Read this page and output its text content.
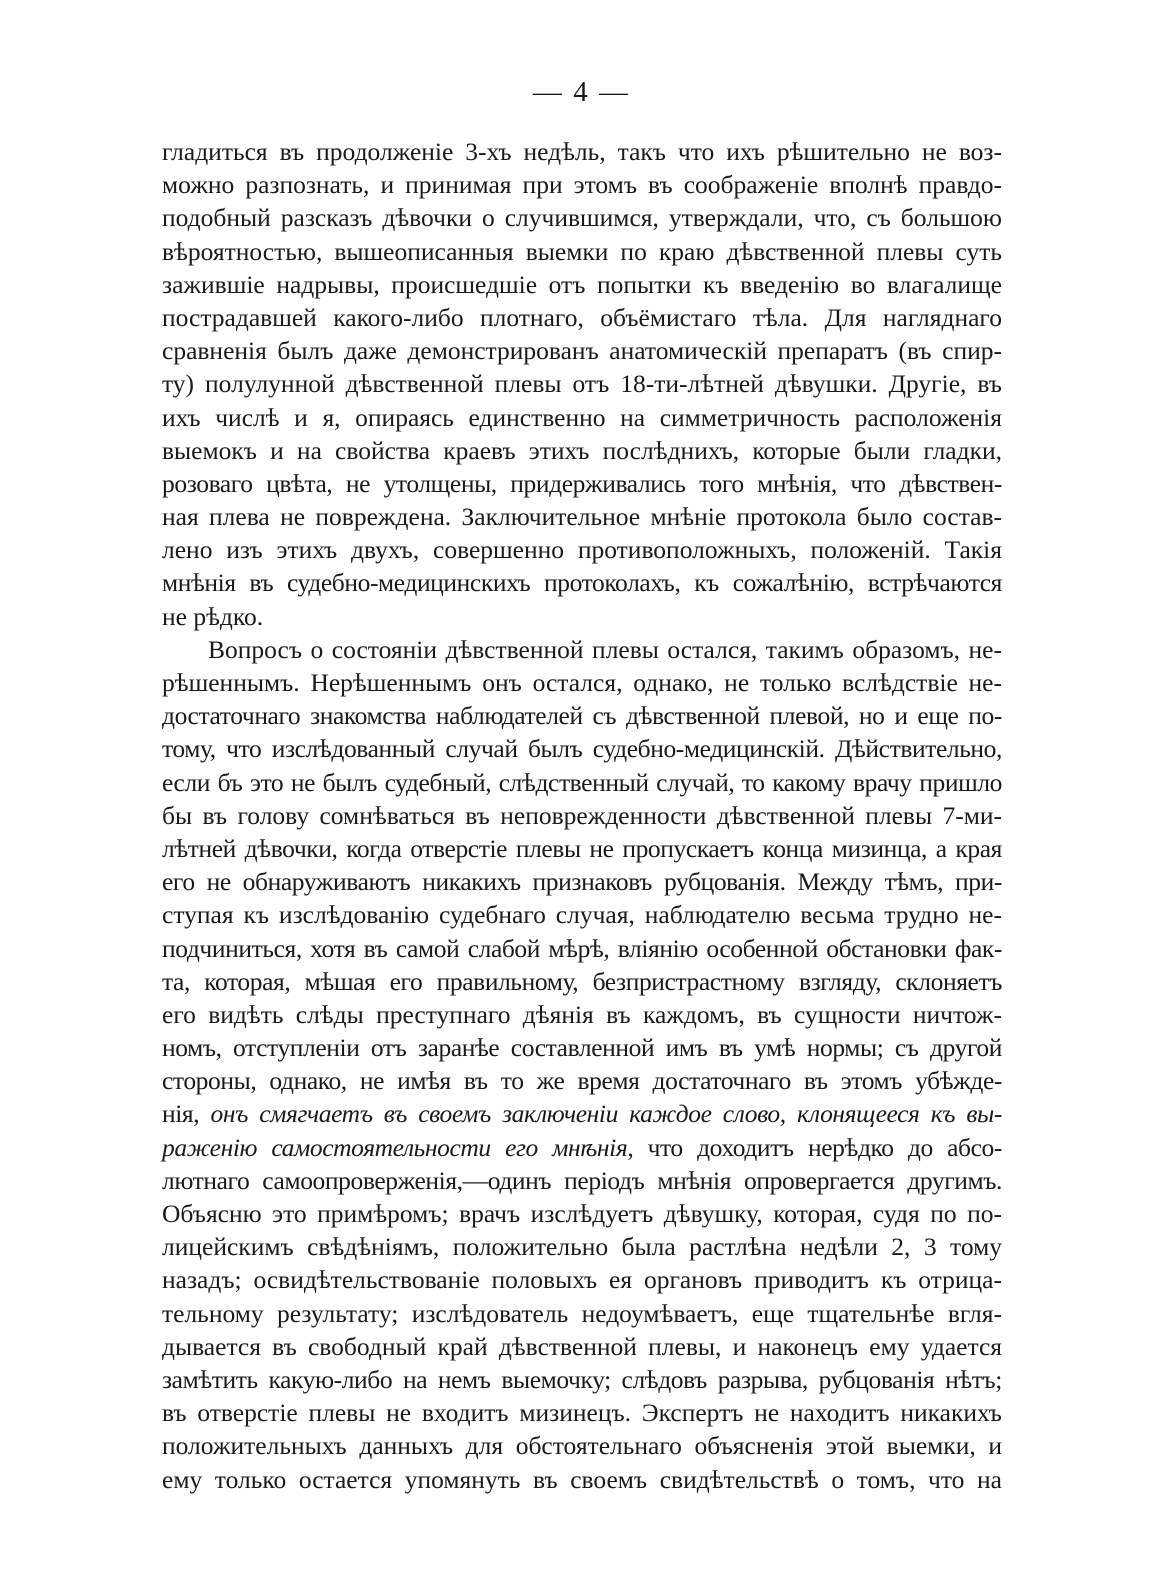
— 4 —
гладиться въ продолженіе 3-хъ недѣль, такъ что ихъ рѣшительно не воз-
можно разпознать, и принимая при этомъ въ соображеніе вполнѣ правдо-
подобный разсказъ дѣвочки о случившимся, утверждали, что, съ большою
вѣроятностью, вышеописанныя выемки по краю дѣвственной плевы суть
зажившіе надрывы, происшедшіе отъ попытки къ введенію во влагалище
пострадавшей какого-либо плотнаго, объёмистаго тѣла. Для нагляднаго
сравненія былъ даже демонстрированъ анатомическій препаратъ (въ спир-
ту) полулунной дѣвственной плевы отъ 18-ти-лѣтней дѣвушки. Другіе, въ
ихъ числѣ и я, опираясь единственно на симметричность расположенія
выемокъ и на свойства краевъ этихъ послѣднихъ, которые были гладки,
розоваго цвѣта, не утолщены, придерживались того мнѣнія, что дѣвствен-
ная плева не повреждена. Заключительное мнѣніе протокола было состав-
лено изъ этихъ двухъ, совершенно противоположныхъ, положеній. Такія
мнѣнія въ судебно-медицинскихъ протоколахъ, къ сожалѣнію, встрѣчаются
не рѣдко.
Вопросъ о состояніи дѣвственной плевы остался, такимъ образомъ, не-
рѣшеннымъ. Нерѣшеннымъ онъ остался, однако, не только вслѣдствіе не-
достаточнаго знакомства наблюдателей съ дѣвственной плевой, но и еще по-
тому, что изслѣдованный случай былъ судебно-медицинскій. Дѣйствительно,
если бъ это не былъ судебный, слѣдственный случай, то какому врачу пришло
бы въ голову сомнѣваться въ неповрежденности дѣвственной плевы 7-ми-
лѣтней дѣвочки, когда отверстіе плевы не пропускаетъ конца мизинца, а края
его не обнаруживаютъ никакихъ признаковъ рубцованія. Между тѣмъ, при-
ступая къ изслѣдованію судебнаго случая, наблюдателю весьма трудно не-
подчиниться, хотя въ самой слабой мѣрѣ, вліянію особенной обстановки фак-
та, которая, мѣшая его правильному, безпристрастному взгляду, склоняетъ
его видѣть слѣды преступнаго дѣянія въ каждомъ, въ сущности ничтож-
номъ, отступленіи отъ заранѣе составленной имъ въ умѣ нормы; съ другой
стороны, однако, не имѣя въ то же время достаточнаго въ этомъ убѣжде-
нія, онъ смягчаетъ въ своемъ заключеніи каждое слово, клонящееся къ вы-
раженію самостоятельности его мнѣнія, что доходитъ нерѣдко до абсо-
лютнаго самоопроверженія,—одинъ періодъ мнѣнія опровергается другимъ.
Объясню это примѣромъ; врачъ изслѣдуетъ дѣвушку, которая, судя по по-
лицейскимъ свѣдѣніямъ, положительно была растлѣна недѣли 2, 3 тому
назадъ; освидѣтельствованіе половыхъ ея органовъ приводитъ къ отрица-
тельному результату; изслѣдователь недоумѣваетъ, еще тщательнѣе вгля-
дывается въ свободный край дѣвственной плевы, и наконецъ ему удается
замѣтить какую-либо на немъ выемочку; слѣдовъ разрыва, рубцованія нѣтъ;
въ отверстіе плевы не входитъ мизинецъ. Экспертъ не находитъ никакихъ
положительныхъ данныхъ для обстоятельнаго объясненія этой выемки, и
ему только остается упомянуть въ своемъ свидѣтельствѣ о томъ, что на
